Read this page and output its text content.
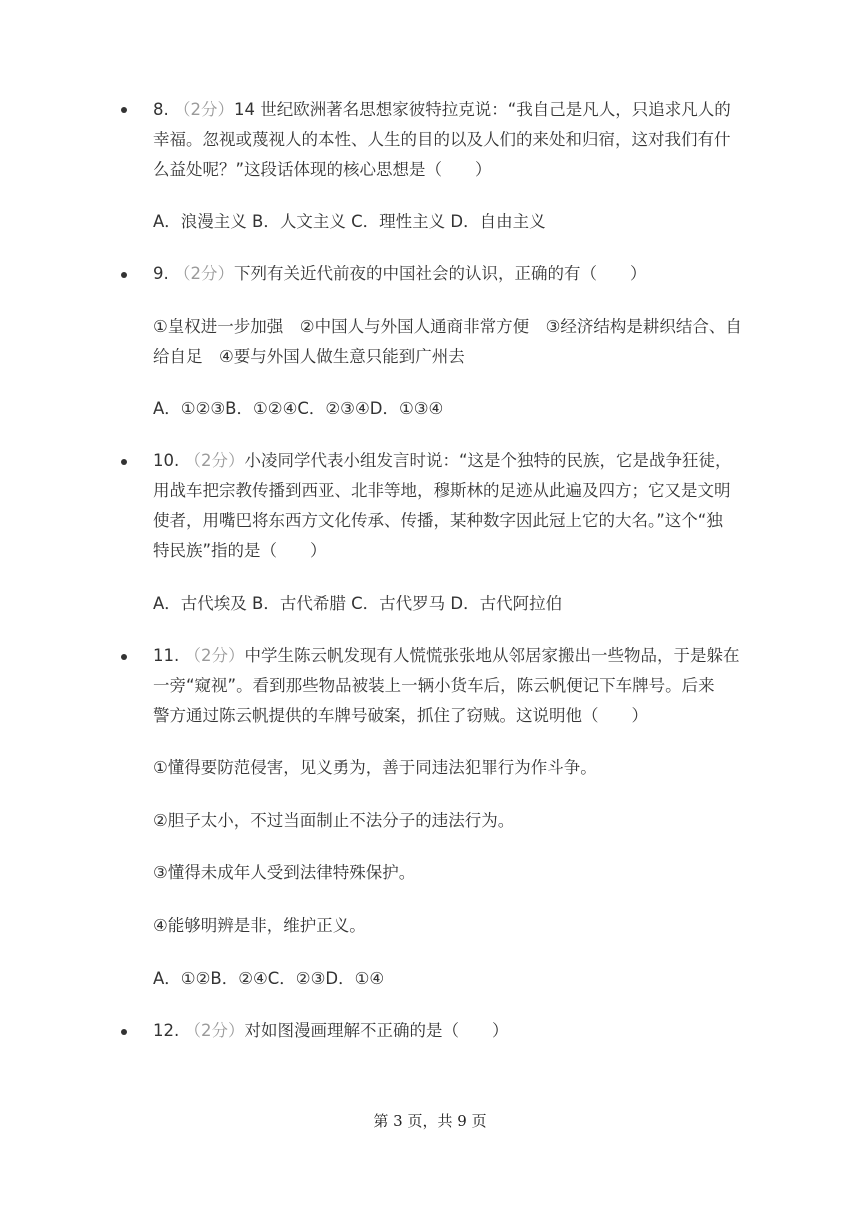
8. （2分）14 世纪欧洲著名思想家彼特拉克说：“我自己是凡人，只追求凡人的
幸福。忽视或蔑视人的本性、人生的目的以及人们的来处和归宿，这对我们有什
么益处呢？”这段话体现的核心思想是（　　）
A．浪漫主义 B．人文主义 C．理性主义 D．自由主义
9. （2分）下列有关近代前夜的中国社会的认识，正确的有（　　）
①皇权进一步加强　②中国人与外国人通商非常方便　③经济结构是耕织结合、自
给自足　④要与外国人做生意只能到广州去
A．①②③B．①②④C．②③④D．①③④
10. （2分）小凌同学代表小组发言时说：“这是个独特的民族，它是战争狂徒，
用战车把宗教传播到西亚、北非等地，穆斯林的足迹从此遍及四方；它又是文明
使者，用嘴巴将东西方文化传承、传播，某种数字因此冠上它的大名。”这个“独
特民族”指的是（　　）
A．古代埃及 B．古代希腊 C．古代罗马 D．古代阿拉伯
11. （2分）中学生陈云帆发现有人慌慌张张地从邻居家搬出一些物品，于是躲在
一旁“窥视”。看到那些物品被装上一辆小货车后，陈云帆便记下车牌号。后来
警方通过陈云帆提供的车牌号破案，抓住了窃贼。这说明他（　　）
①懂得要防范侵害，见义勇为，善于同违法犯罪行为作斗争。
②胆子太小，不过当面制止不法分子的违法行为。
③懂得未成年人受到法律特殊保护。
④能够明辨是非，维护正义。
A．①②B．②④C．②③D．①④
12. （2分）对如图漫画理解不正确的是（　　）
第 3 页，共 9 页
